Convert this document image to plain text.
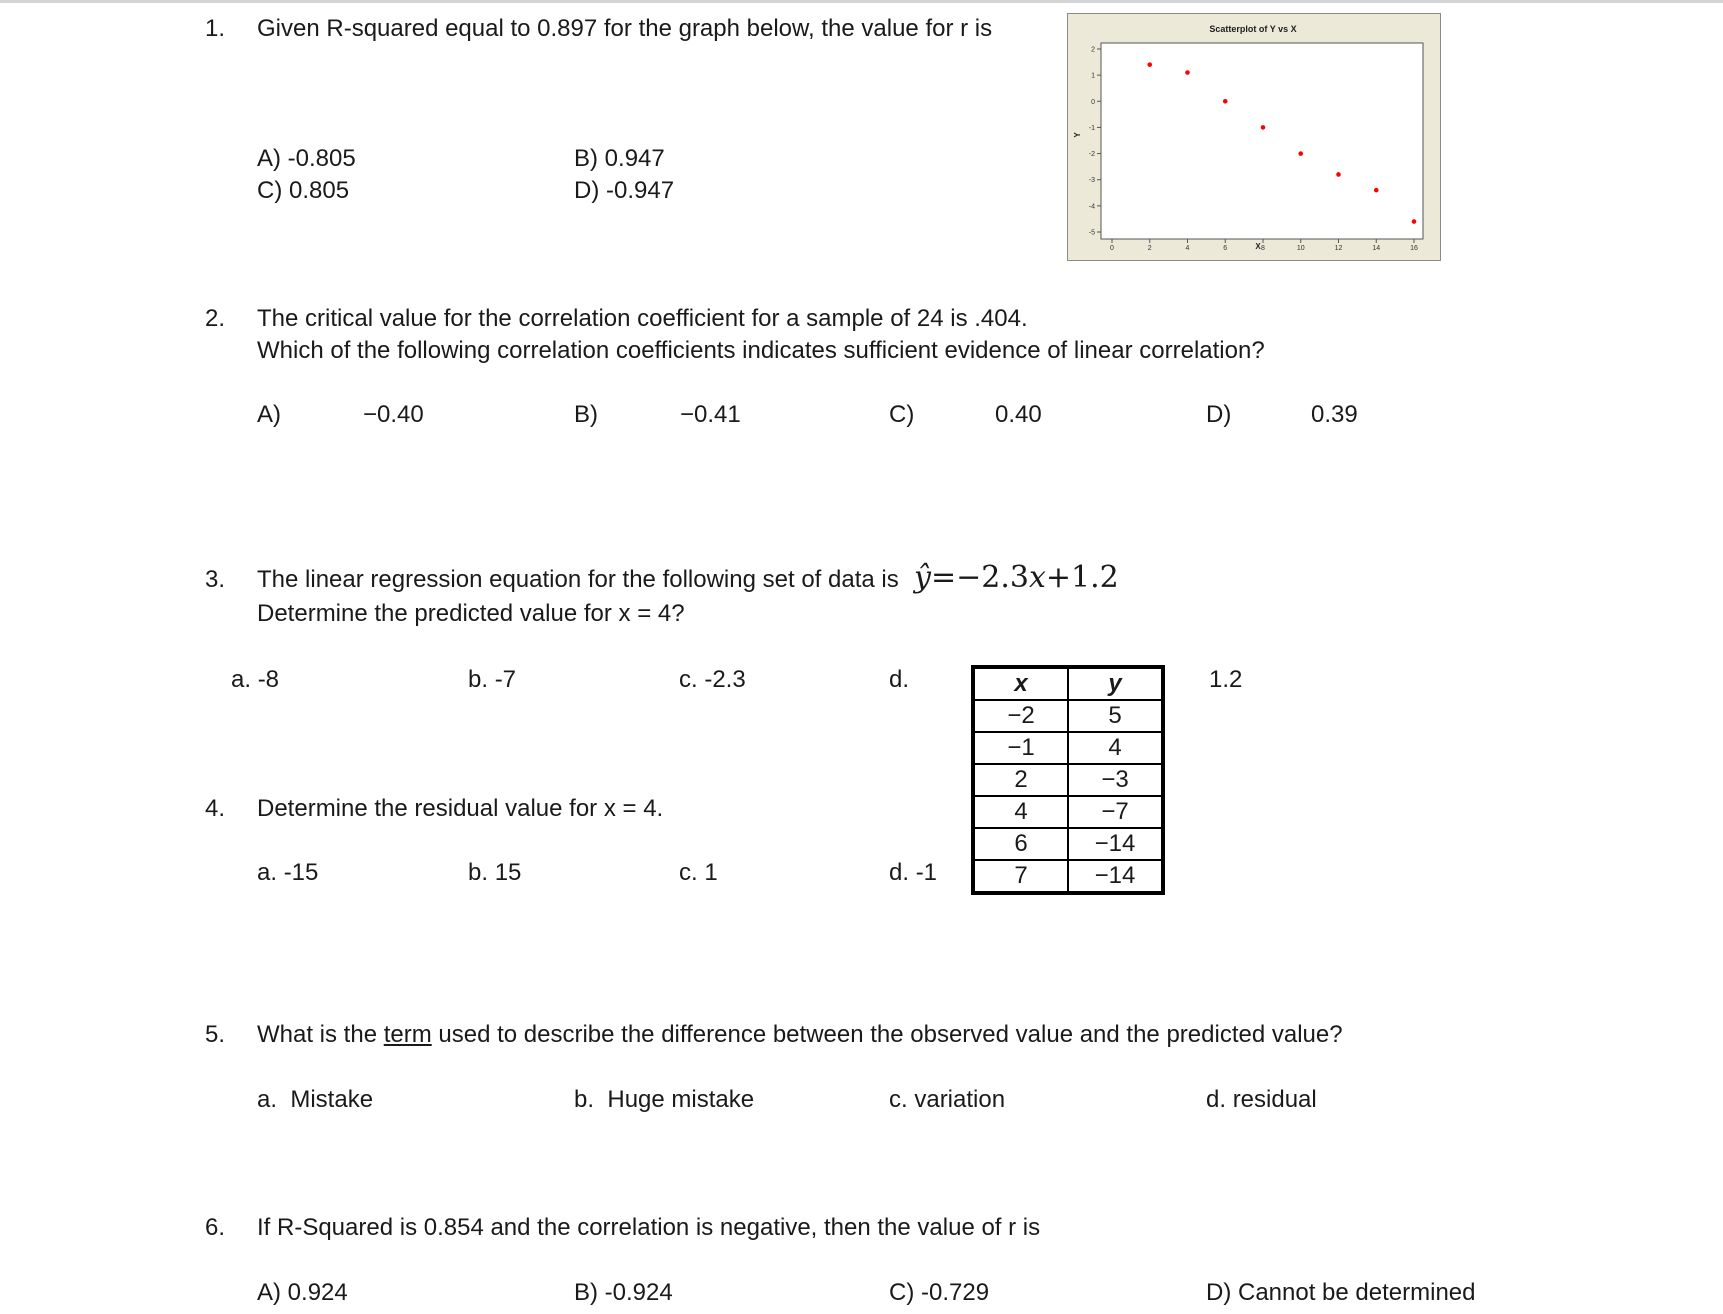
1. Given R-squared equal to 0.897 for the graph below, the value for r is
A) -0.805	B) 0.947
C) 0.805	D) -0.947
Scatterplot of Y vs X
X
Y
0	2	4	6	8	10	12	14	16
2
1
0
-1
-2
-3
-4
-5
2. The critical value for the correlation coefficient for a sample of 24 is .404.
Which of the following correlation coefficients indicates sufficient evidence of linear correlation?
A)	−0.40	B)	−0.41	C)	0.40	D)	0.39
3. The linear regression equation for the following set of data is ŷ=−2.3x+1.2
Determine the predicted value for x = 4?
a. -8	b. -7	c. -2.3	d.	1.2
x	y
−2	5
−1	4
2	−3
4	−7
6	−14
7	−14
4. Determine the residual value for x = 4.
a. -15	b. 15	c. 1	d. -1
5. What is the term used to describe the difference between the observed value and the predicted value?
a. Mistake	b. Huge mistake	c. variation	d. residual
6. If R-Squared is 0.854 and the correlation is negative, then the value of r is
A) 0.924	B) -0.924	C) -0.729	D) Cannot be determined
